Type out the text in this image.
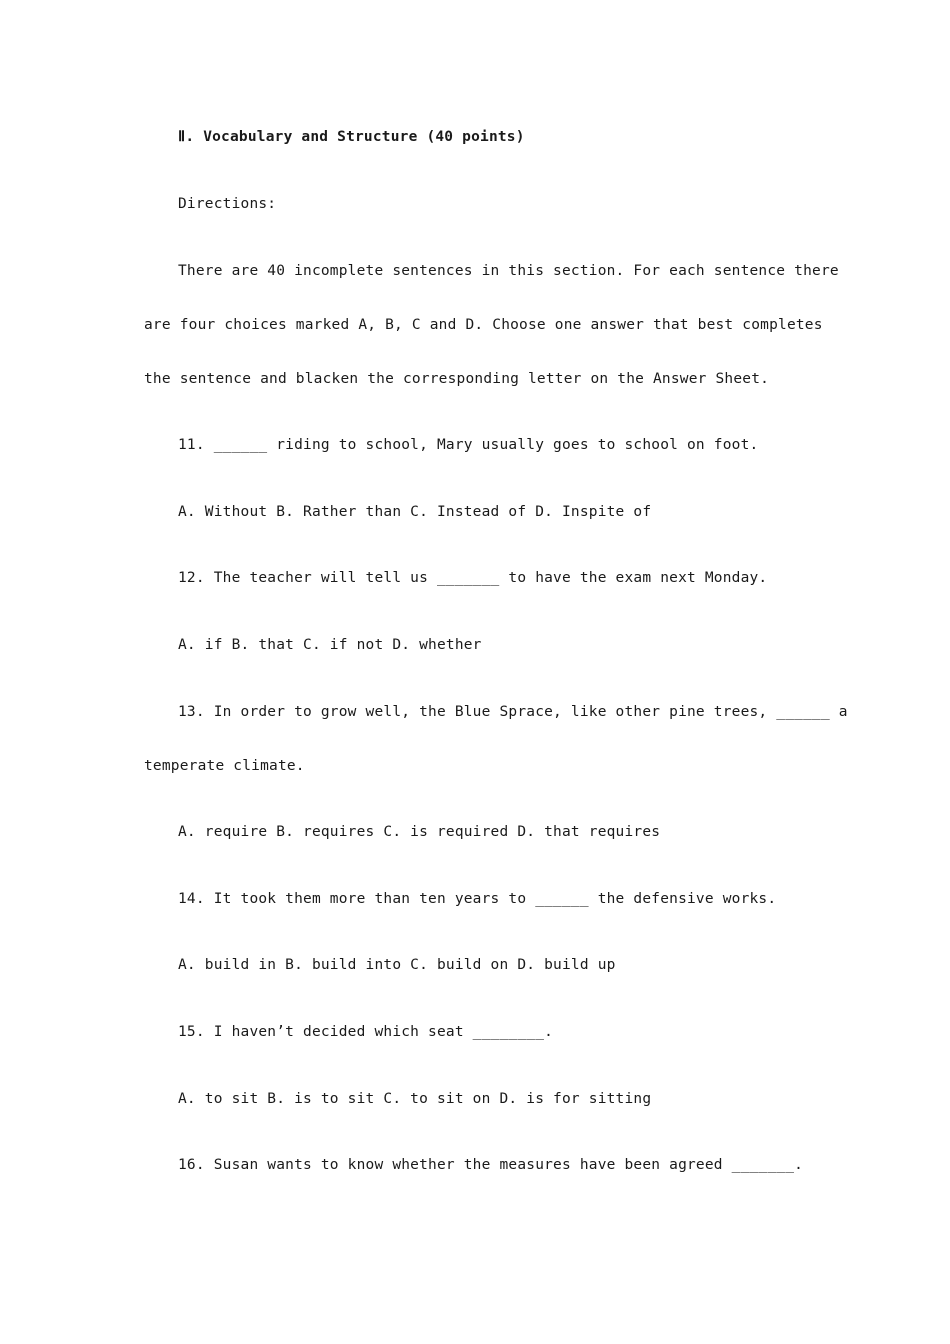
Ⅱ. Vocabulary and Structure (40 points)
Directions:
There are 40 incomplete sentences in this section. For each sentence there
are four choices marked A, B, C and D. Choose one answer that best completes
the sentence and blacken the corresponding letter on the Answer Sheet.
11. ______ riding to school, Mary usually goes to school on foot.
A. Without B. Rather than C. Instead of D. Inspite of
12. The teacher will tell us _______ to have the exam next Monday.
A. if B. that C. if not D. whether
13. In order to grow well, the Blue Sprace, like other pine trees, ______ a
temperate climate.
A. require B. requires C. is required D. that requires
14. It took them more than ten years to ______ the defensive works.
A. build in B. build into C. build on D. build up
15. I haven’t decided which seat ________.
A. to sit B. is to sit C. to sit on D. is for sitting
16. Susan wants to know whether the measures have been agreed _______.
